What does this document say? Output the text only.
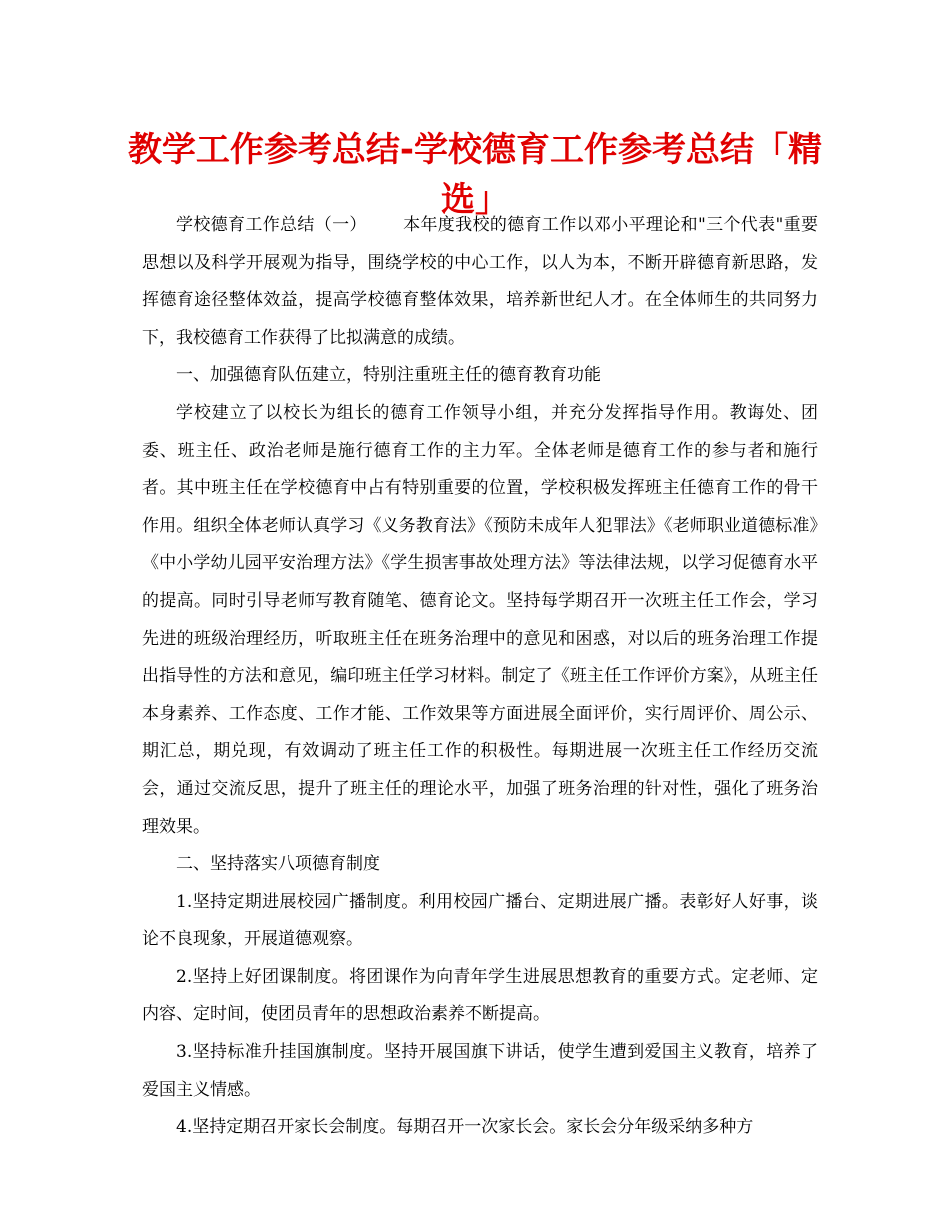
教学工作参考总结-学校德育工作参考总结「精选」

学校德育工作总结（一） 本年度我校的德育工作以邓小平理论和"三个代表"重要思想以及科学开展观为指导，围绕学校的中心工作，以人为本，不断开辟德育新思路，发挥德育途径整体效益，提高学校德育整体效果，培养新世纪人才。在全体师生的共同努力下，我校德育工作获得了比拟满意的成绩。

一、加强德育队伍建立，特别注重班主任的德育教育功能

学校建立了以校长为组长的德育工作领导小组，并充分发挥指导作用。教诲处、团委、班主任、政治老师是施行德育工作的主力军。全体老师是德育工作的参与者和施行者。其中班主任在学校德育中占有特别重要的位置，学校积极发挥班主任德育工作的骨干作用。组织全体老师认真学习《义务教育法》《预防未成年人犯罪法》《老师职业道德标准》《中小学幼儿园平安治理方法》《学生损害事故处理方法》等法律法规，以学习促德育水平的提高。同时引导老师写教育随笔、德育论文。坚持每学期召开一次班主任工作会，学习先进的班级治理经历，听取班主任在班务治理中的意见和困惑，对以后的班务治理工作提出指导性的方法和意见，编印班主任学习材料。制定了《班主任工作评价方案》，从班主任本身素养、工作态度、工作才能、工作效果等方面进展全面评价，实行周评价、周公示、期汇总，期兑现，有效调动了班主任工作的积极性。每期进展一次班主任工作经历交流会，通过交流反思，提升了班主任的理论水平，加强了班务治理的针对性，强化了班务治理效果。

二、坚持落实八项德育制度

1.坚持定期进展校园广播制度。利用校园广播台、定期进展广播。表彰好人好事，谈论不良现象，开展道德观察。

2.坚持上好团课制度。将团课作为向青年学生进展思想教育的重要方式。定老师、定内容、定时间，使团员青年的思想政治素养不断提高。

3.坚持标准升挂国旗制度。坚持开展国旗下讲话，使学生遭到爱国主义教育，培养了爱国主义情感。

4.坚持定期召开家长会制度。每期召开一次家长会。家长会分年级采纳多种方
